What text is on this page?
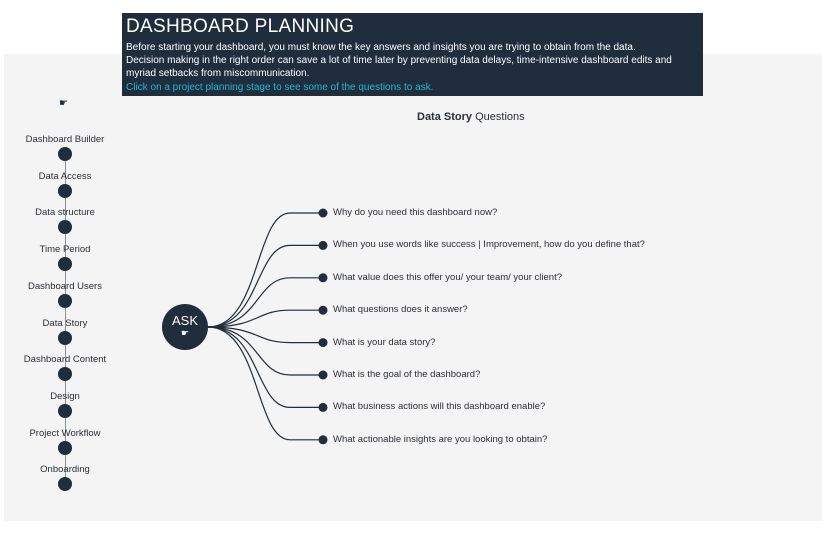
DASHBOARD PLANNING

Before starting your dashboard, you must know the key answers and insights you are trying to obtain from the data.
Decision making in the right order can save a lot of time later by preventing data delays, time-intensive dashboard edits and
myriad setbacks from miscommunication.

Click on a project planning stage to see some of the questions to ask.

☛
Dashboard Builder
Data Access
Data structure
Time Period
Dashboard Users
Data Story
Dashboard Content
Design
Project Workflow
Onboarding
Data Story Questions
ASK
☛
Why do you need this dashboard now?
When you use words like success | Improvement, how do you define that?
What value does this offer you/ your team/ your client?
What questions does it answer?
What is your data story?
What is the goal of the dashboard?
What business actions will this dashboard enable?
What actionable insights are you looking to obtain?
